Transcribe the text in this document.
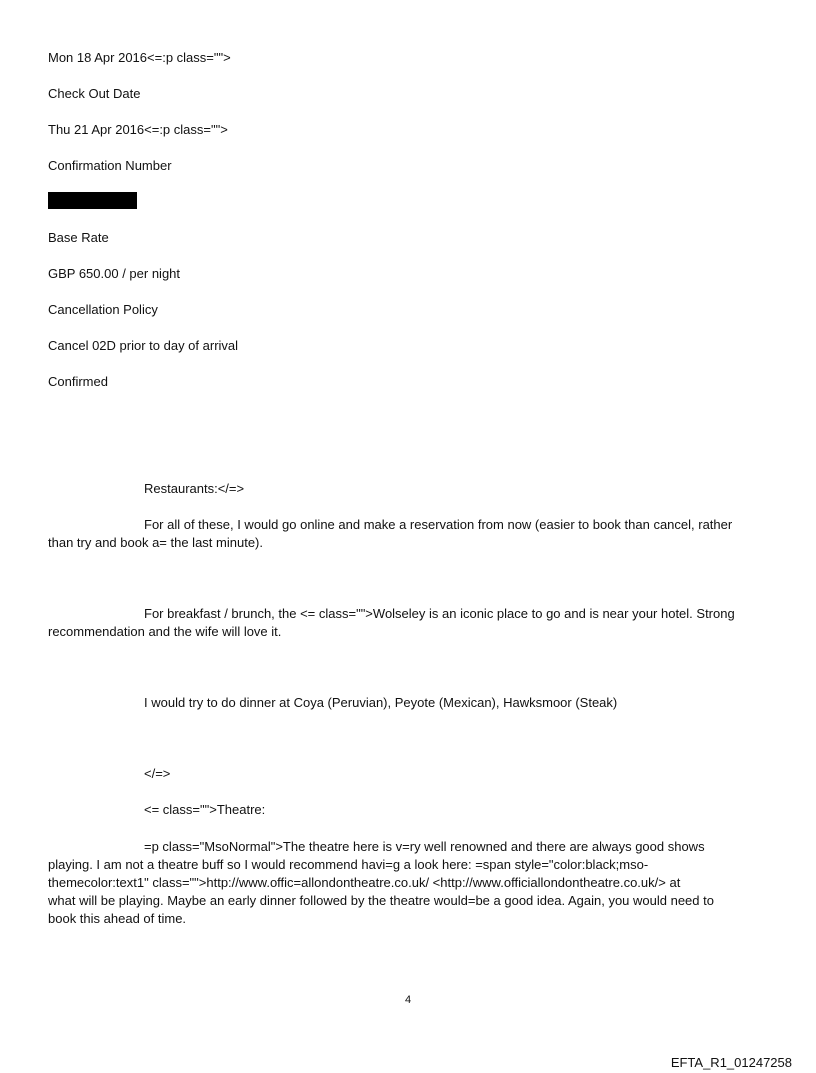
Mon 18 Apr 2016<=:p class="">
Check Out Date
Thu 21 Apr 2016<=:p class="">
Confirmation Number
Base Rate
GBP 650.00 / per night
Cancellation Policy
Cancel 02D prior to day of arrival
Confirmed
Restaurants:</=>
For all of these, I would go online and make a reservation from now (easier to book than cancel, rather
than try and book a= the last minute).
For breakfast / brunch, the <= class="">Wolseley is an iconic place to go and is near your hotel. Strong
recommendation and the wife will love it.
I would try to do dinner at Coya (Peruvian), Peyote (Mexican), Hawksmoor (Steak)
</=>
<= class="">Theatre:
=p class="MsoNormal">The theatre here is v=ry well renowned and there are always good shows
playing. I am not a theatre buff so I would recommend havi=g a look here: =span style="color:black;mso-
themecolor:text1" class="">http://www.offic=allondontheatre.co.uk/ <http://www.officiallondontheatre.co.uk/> at
what will be playing. Maybe an early dinner followed by the theatre would=be a good idea. Again, you would need to
book this ahead of time.
4
EFTA_R1_01247258
